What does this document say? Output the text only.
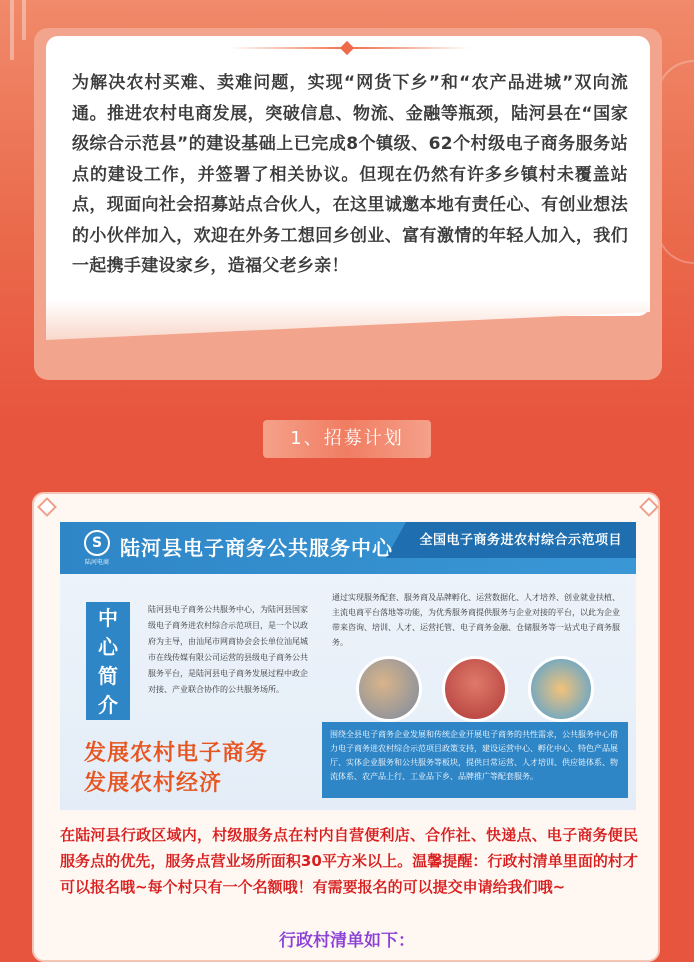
为解决农村买难、卖难问题，实现“网货下乡”和“农产品进城”双向流通。推进农村电商发展，突破信息、物流、金融等瓶颈，陆河县在“国家级综合示范县”的建设基础上已完成8个镇级、62个村级电子商务服务站点的建设工作，并签署了相关协议。但现在仍然有许多乡镇村未覆盖站点，现面向社会招募站点合伙人，在这里诚邀本地有责任心、有创业想法的小伙伴加入，欢迎在外务工想回乡创业、富有激情的年轻人加入，我们一起携手建设家乡，造福父老乡亲！
1、招募计划
S
陆河电商
陆河县电子商务公共服务中心 全国电子商务进农村综合示范项目
中心简介
陆河县电子商务公共服务中心，为陆河县国家级电子商务进农村综合示范项目，是一个以政府为主导，由汕尾市网商协会会长单位汕尾城市在线传媒有限公司运营的县级电子商务公共服务平台，是陆河县电子商务发展过程中政企对接、产业联合协作的公共服务场所。
发展农村电子商务
发展农村经济
通过实现服务配套、服务商及品牌孵化、运营数据化、人才培养、创业就业扶植、主流电商平台落地等功能，为优秀服务商提供服务与企业对接的平台，以此为企业带来咨询、培训、人才、运营托管、电子商务金融、仓储服务等一站式电子商务服务。
围绕全县电子商务企业发展和传统企业开展电子商务的共性需求，公共服务中心借力电子商务进农村综合示范项目政策支持，建设运营中心、孵化中心、特色产品展厅、实体企业服务和公共服务等板块，提供日常运营、人才培训、供应链体系、物流体系、农产品上行、工业品下乡、品牌推广等配套服务。
在陆河县行政区域内，村级服务点在村内自营便利店、合作社、快递点、电子商务便民服务点的优先，服务点营业场所面积30平方米以上。温馨提醒：行政村清单里面的村才可以报名哦~每个村只有一个名额哦！有需要报名的可以提交申请给我们哦~
行政村清单如下：
